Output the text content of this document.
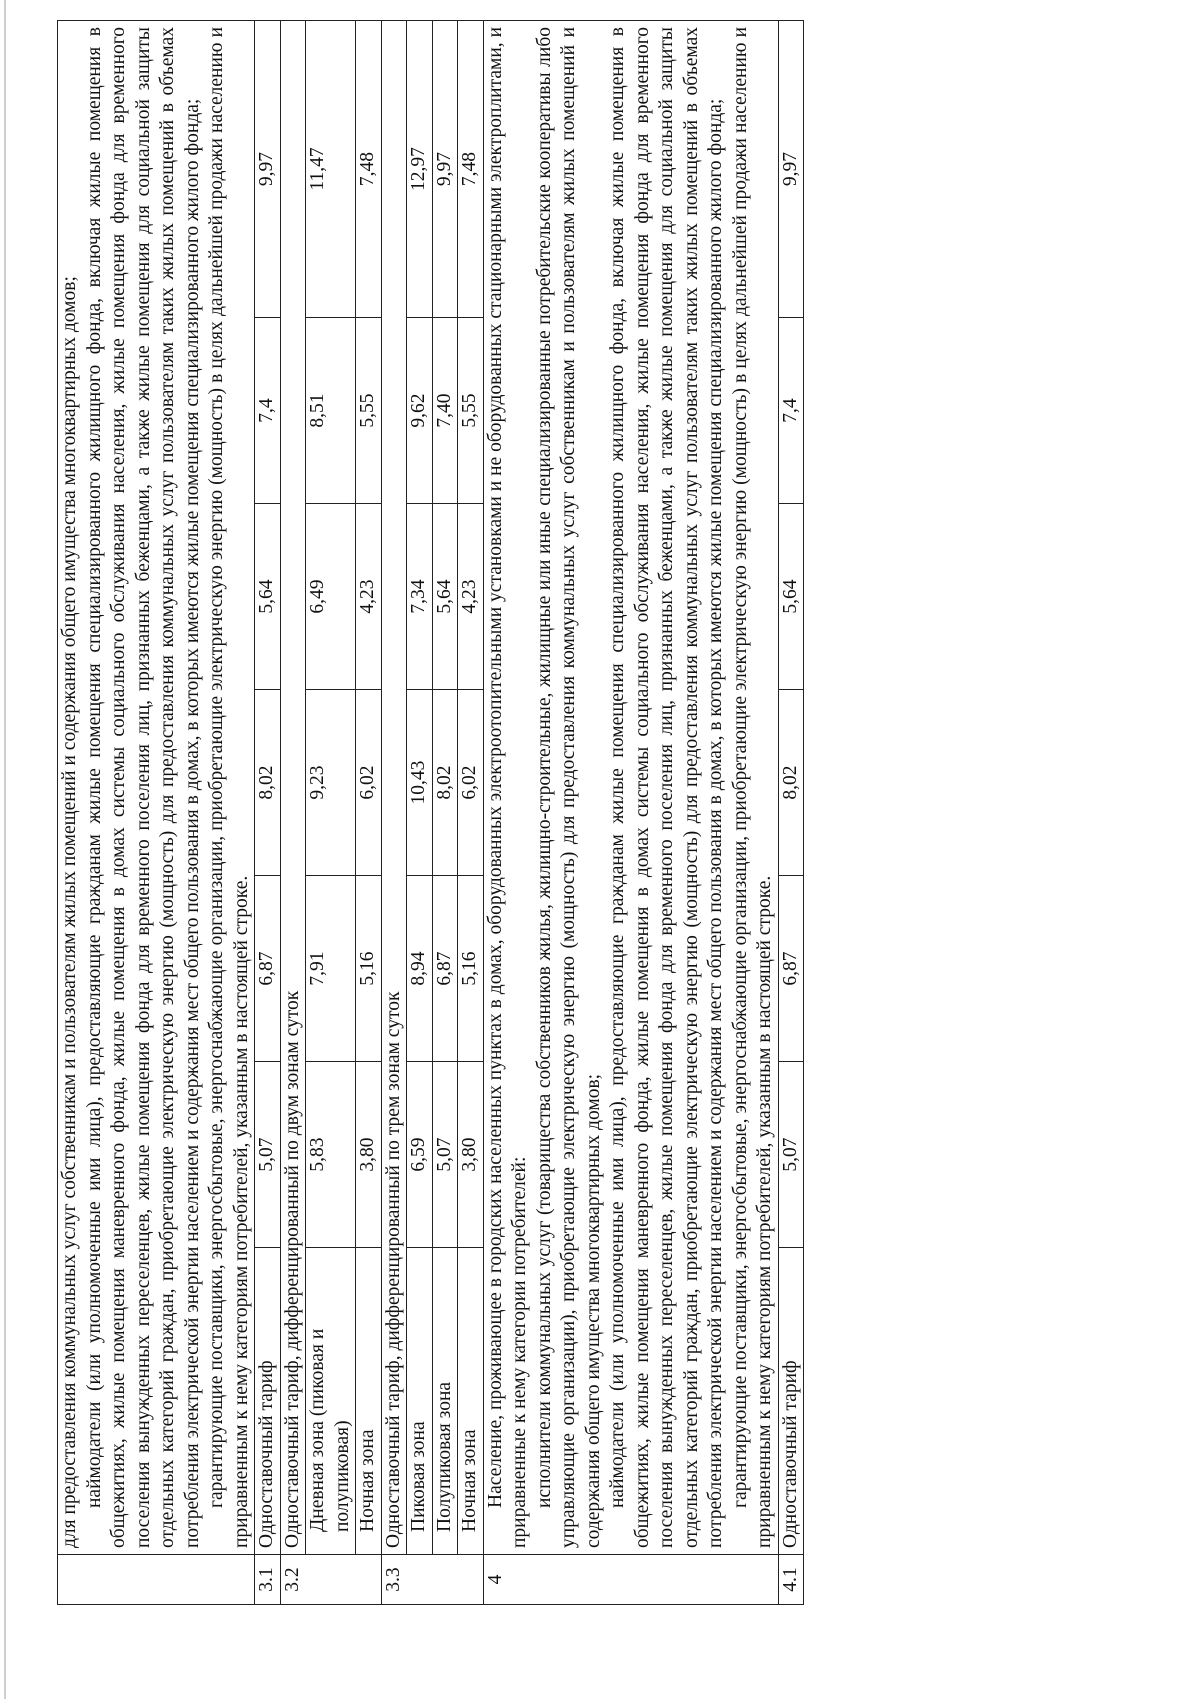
	для предоставления коммунальных услуг собственникам и пользователям жилых помещений и содержания общего имущества многоквартирных домов; наймодатели (или уполномоченные ими лица), предоставляющие гражданам жилые помещения специализированного жилищного фонда, включая жилые помещения в общежитиях, жилые помещения маневренного фонда, жилые помещения в домах системы социального обслуживания населения, жилые помещения фонда для временного поселения вынужденных переселенцев, жилые помещения фонда для временного поселения лиц, признанных беженцами, а также жилые помещения для социальной защиты отдельных категорий граждан, приобретающие электрическую энергию (мощность) для предоставления коммунальных услуг пользователям таких жилых помещений в объемах потребления электрической энергии населением и содержания мест общего пользования в домах, в которых имеются жилые помещения специализированного жилого фонда; гарантирующие поставщики, энергосбытовые, энергоснабжающие организации, приобретающие электрическую энергию (мощность) в целях дальнейшей продажи населению и приравненным к нему категориям потребителей, указанным в настоящей строке.						

3.1	Одноставочный тариф	5,07	6,87	8,02	5,64	7,4	9,97
3.2	Одноставочный тариф, дифференцированный по двум зонам суток						
	Дневная зона (пиковая и полупиковая)	5,83	7,91	9,23	6,49	8,51	11,47
	Ночная зона	3,80	5,16	6,02	4,23	5,55	7,48
3.3	Одноставочный тариф, дифференцированный по трем зонам суток						
	Пиковая зона	6,59	8,94	10,43	7,34	9,62	12,97
	Полупиковая зона	5,07	6,87	8,02	5,64	7,40	9,97
	Ночная зона	3,80	5,16	6,02	4,23	5,55	7,48
4	Население, проживающее в городских населенных пунктах в домах, оборудованных электроотопительными установками и не оборудованных стационарными электроплитами, и приравненные к нему категории потребителей: исполнители коммунальных услуг (товарищества собственников жилья, жилищно-строительные, жилищные или иные специализированные потребительские кооперативы либо управляющие организации), приобретающие электрическую энергию (мощность) для предоставления коммунальных услуг собственникам и пользователям жилых помещений и содержания общего имущества многоквартирных домов; наймодатели (или уполномоченные ими лица), предоставляющие гражданам жилые помещения специализированного жилищного фонда, включая жилые помещения в общежитиях, жилые помещения маневренного фонда, жилые помещения в домах системы социального обслуживания населения, жилые помещения фонда для временного поселения вынужденных переселенцев, жилые помещения фонда для временного поселения лиц, признанных беженцами, а также жилые помещения для социальной защиты отдельных категорий граждан, приобретающие электрическую энергию (мощность) для предоставления коммунальных услуг пользователям таких жилых помещений в объемах потребления электрической энергии населением и содержания мест общего пользования в домах, в которых имеются жилые помещения специализированного жилого фонда; гарантирующие поставщики, энергосбытовые, энергоснабжающие организации, приобретающие электрическую энергию (мощность) в целях дальнейшей продажи населению и приравненным к нему категориям потребителей, указанным в настоящей строке.						

4.1	Одноставочный тариф	5,07	6,87	8,02	5,64	7,4	9,97
